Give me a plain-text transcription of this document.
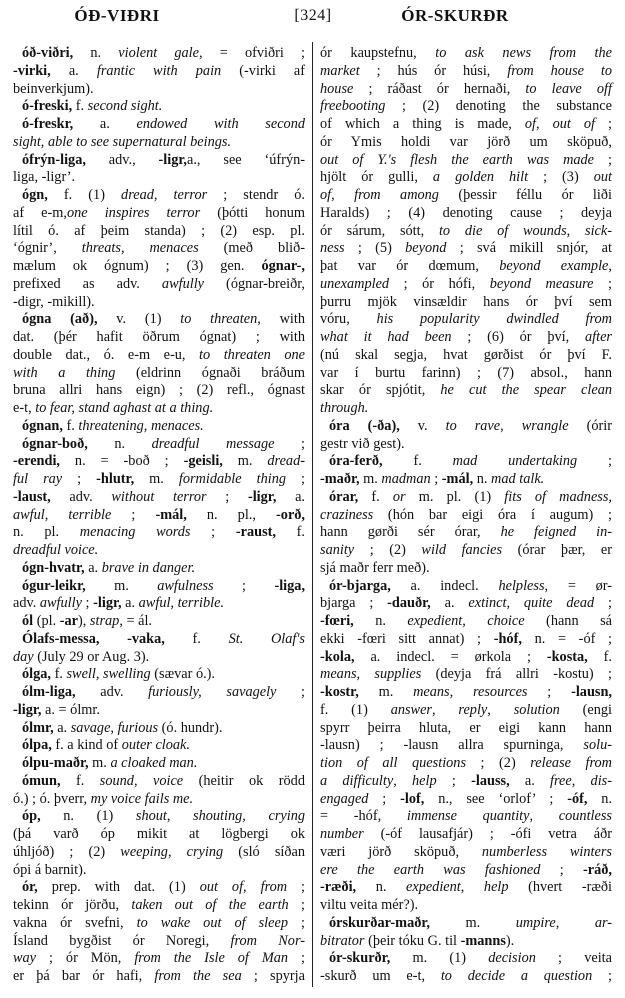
ÓÐ-VIÐRI	[324]	ÓR-SKURÐR
óð-viðri, n. violent gale, = ofviðri ;
-virki, a. frantic with pain (-virki af
beinverkjum).
ó-freski, f. second sight.
ó-freskr, a. endowed with second
sight, able to see supernatural beings.
ófrýn-liga, adv., -ligr,a., see ‘úfrýn-
liga, -ligr’.
ógn, f. (1) dread, terror ; stendr ó.
af e-m,one inspires terror (þótti honum
lítil ó. af þeim standa) ; (2) esp. pl.
‘ógnir’, threats, menaces (með blið-
mælum ok ógnum) ; (3) gen. ógnar-,
prefixed as adv. awfully (ógnar-breiðr,
-digr, -mikill).
ógna (að), v. (1) to threaten, with
dat. (þér hafit öðrum ógnat) ; with
double dat., ó. e-m e-u, to threaten one
with a thing (eldrinn ógnaði bráðum
bruna allri hans eign) ; (2) refl., ógnast
e-t, to fear, stand aghast at a thing.
ógnan, f. threatening, menaces.
ógnar-boð, n. dreadful message ;
-erendi, n. = -boð ; -geisli, m. dread-
ful ray ; -hlutr, m. formidable thing ;
-laust, adv. without terror ; -ligr, a.
awful, terrible ; -mál, n. pl., -orð,
n. pl. menacing words ; -raust, f.
dreadful voice.
ógn-hvatr, a. brave in danger.
ógur-leikr, m. awfulness ; -liga,
adv. awfully ; -ligr, a. awful, terrible.
ól (pl. -ar), strap, = ál.
Ólafs-messa, -vaka, f. St. Olaf's
day (July 29 or Aug. 3).
ólga, f. swell, swelling (sævar ó.).
ólm-liga, adv. furiously, savagely ;
-ligr, a. = ólmr.
ólmr, a. savage, furious (ó. hundr).
ólpa, f. a kind of outer cloak.
ólpu-maðr, m. a cloaked man.
ómun, f. sound, voice (heitir ok rödd
ó.) ; ó. þverr, my voice fails me.
óp, n. (1) shout, shouting, crying
(þá varð óp mikit at lögbergi ok
úhljóð) ; (2) weeping, crying (sló síðan
ópi á barnit).
ór, prep. with dat. (1) out of, from ;
tekinn ór jörðu, taken out of the earth ;
vakna ór svefni, to wake out of sleep ;
Ísland bygðist ór Noregi, from Nor-
way ; ór Mön, from the Isle of Man ;
er þá bar ór hafi, from the sea ; spyrja
ór kaupstefnu, to ask news from the
market ; hús ór húsi, from house to
house ; ráðast ór hernaði, to leave off
freebooting ; (2) denoting the substance
of which a thing is made, of, out of ;
ór Ymis holdi var jörð um sköpuð,
out of Y.'s flesh the earth was made ;
hjölt ór gulli, a golden hilt ; (3) out
of, from among (þessir féllu ór liði
Haralds) ; (4) denoting cause ; deyja
ór sárum, sótt, to die of wounds, sick-
ness ; (5) beyond ; svá mikill snjór, at
þat var ór dœmum, beyond example,
unexampled ; ór hófi, beyond measure ;
þurru mjök vinsældir hans ór því sem
vóru, his popularity dwindled from
what it had been ; (6) ór því, after
(nú skal segja, hvat gørðist ór því F.
var í burtu farinn) ; (7) absol., hann
skar ór spjótit, he cut the spear clean
through.
óra (-ða), v. to rave, wrangle (órir
gestr við gest).
óra-ferð, f. mad undertaking ;
-maðr, m. madman ; -mál, n. mad talk.
órar, f. or m. pl. (1) fits of madness,
craziness (hón bar eigi óra í augum) ;
hann gørði sér órar, he feigned in-
sanity ; (2) wild fancies (órar þær, er
sjá maðr ferr með).
ór-bjarga, a. indecl. helpless, = ør-
bjarga ; -dauðr, a. extinct, quite dead ;
-fœri, n. expedient, choice (hann sá
ekki -fœri sitt annat) ; -hóf, n. = -óf ;
-kola, a. indecl. = ørkola ; -kosta, f.
means, supplies (deyja frá allri -kostu) ;
-kostr, m. means, resources ; -lausn,
f. (1) answer, reply, solution (engi
spyrr þeirra hluta, er eigi kann hann
-lausn) ; -lausn allra spurninga, solu-
tion of all questions ; (2) release from
a difficulty, help ; -lauss, a. free, dis-
engaged ; -lof, n., see ‘orlof’ ; -óf, n.
= -hóf, immense quantity, countless
number (-óf lausafjár) ; -ófi vetra áðr
væri jörð sköpuð, numberless winters
ere the earth was fashioned ; -ráð,
-ræði, n. expedient, help (hvert -ræði
viltu veita mér?).
órskurðar-maðr, m. umpire, ar-
bitrator (þeir tóku G. til -manns).
ór-skurðr, m. (1) decision ; veita
-skurð um e-t, to decide a question ;
